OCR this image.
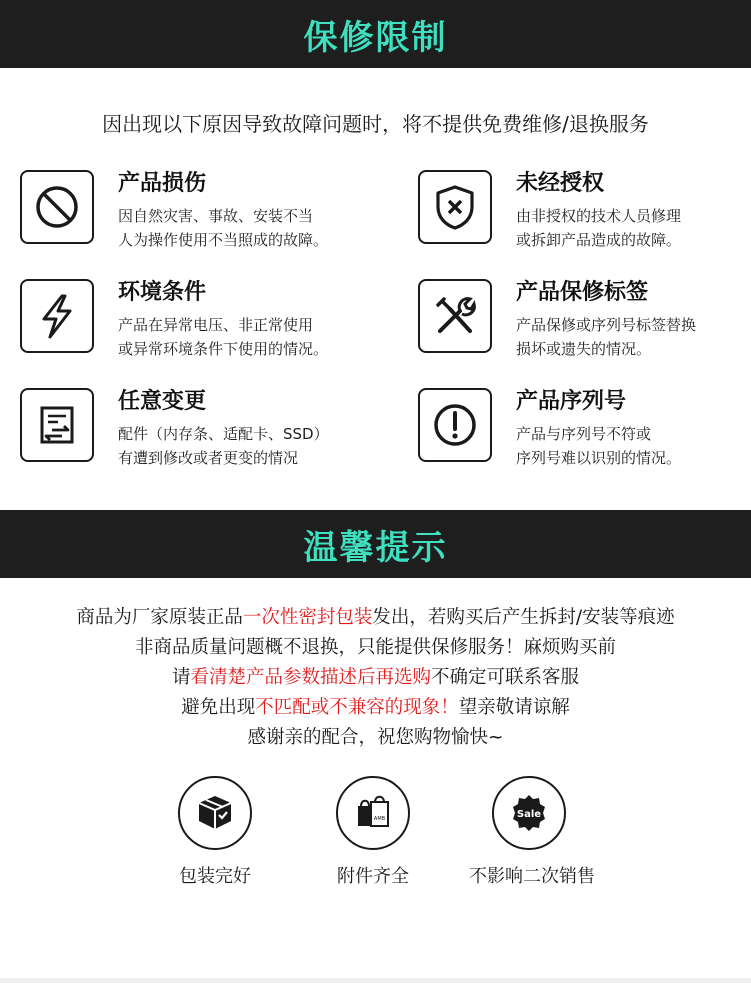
保修限制
因出现以下原因导致故障问题时，将不提供免费维修/退换服务
产品损伤
因自然灾害、事故、安装不当
人为操作使用不当照成的故障。
未经授权
由非授权的技术人员修理
或拆卸产品造成的故障。
环境条件
产品在异常电压、非正常使用
或异常环境条件下使用的情况。
产品保修标签
产品保修或序列号标签替换
损坏或遗失的情况。
任意变更
配件（内存条、适配卡、SSD）
有遭到修改或者更变的情况
产品序列号
产品与序列号不符或
序列号难以识别的情况。
温馨提示
商品为厂家原装正品一次性密封包装发出，若购买后产生拆封/安装等痕迹
非商品质量问题概不退换，只能提供保修服务！麻烦购买前
请看清楚产品参数描述后再选购不确定可联系客服
避免出现不匹配或不兼容的现象！望亲敬请谅解
感谢亲的配合，祝您购物愉快~
包装完好
AMB
附件齐全
Sale
不影响二次销售
